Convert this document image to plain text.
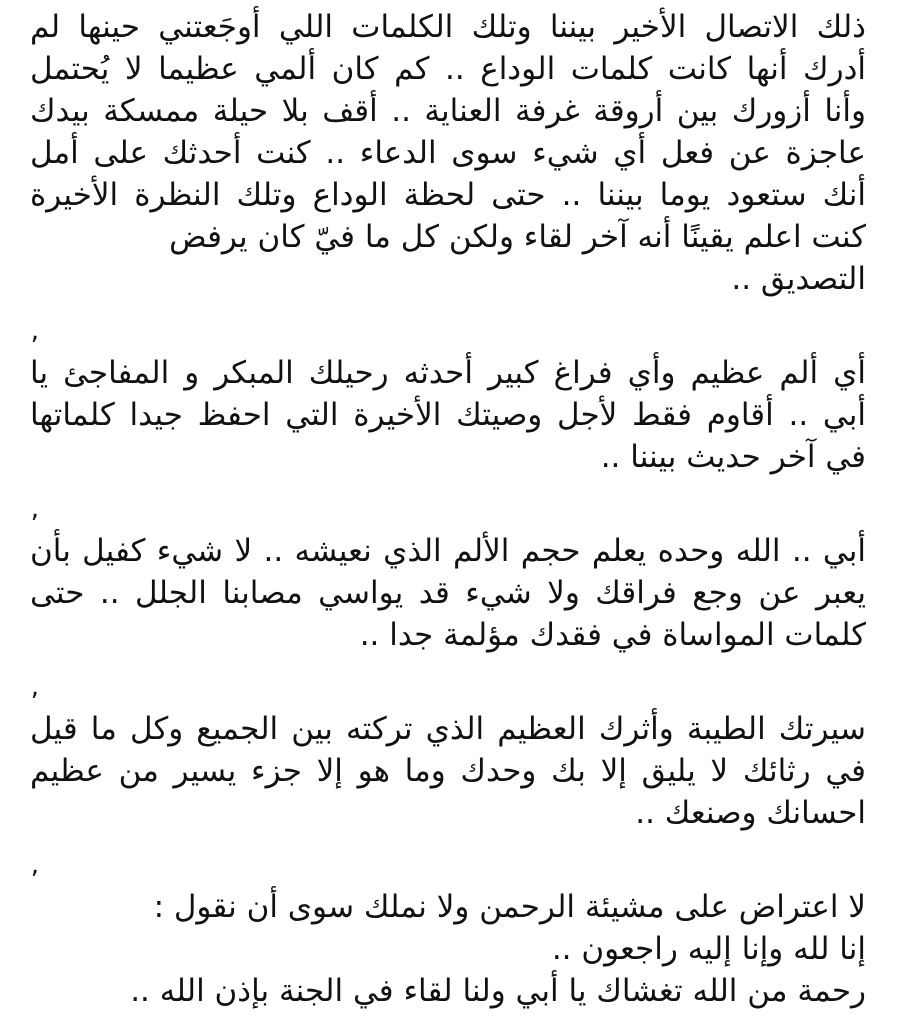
ذلك الاتصال الأخير بيننا وتلك الكلمات اللي أوجَعتني حينها لم
أدرك أنها كانت كلمات الوداع .. كم كان ألمي عظيما لا يُحتمل
وأنا أزورك بين أروقة غرفة العناية .. أقف بلا حيلة ممسكة بيدك
عاجزة عن فعل أي شيء سوى الدعاء .. كنت أحدثك على أمل
أنك ستعود يوما بيننا .. حتى لحظة الوداع وتلك النظرة الأخيرة
كنت اعلم يقينًا أنه آخر لقاء ولكن كل ما فيّ كان يرفض
التصديق ..

,

أي ألم عظيم وأي فراغ كبير أحدثه رحيلك المبكر و المفاجئ يا
أبي .. أقاوم فقط لأجل وصيتك الأخيرة التي احفظ جيدا كلماتها
في آخر حديث بيننا ..

,

أبي .. الله وحده يعلم حجم الألم الذي نعيشه .. لا شيء كفيل بأن
يعبر عن وجع فراقك ولا شيء قد يواسي مصابنا الجلل .. حتى
كلمات المواساة في فقدك مؤلمة جدا ..

,

سيرتك الطيبة وأثرك العظيم الذي تركته بين الجميع وكل ما قيل
في رثائك لا يليق إلا بك وحدك وما هو إلا جزء يسير من عظيم
احسانك وصنعك ..

,

لا اعتراض على مشيئة الرحمن ولا نملك سوى أن نقول :
إنا لله وإنا إليه راجعون ..
رحمة من الله تغشاك يا أبي ولنا لقاء في الجنة بإذن الله ..
